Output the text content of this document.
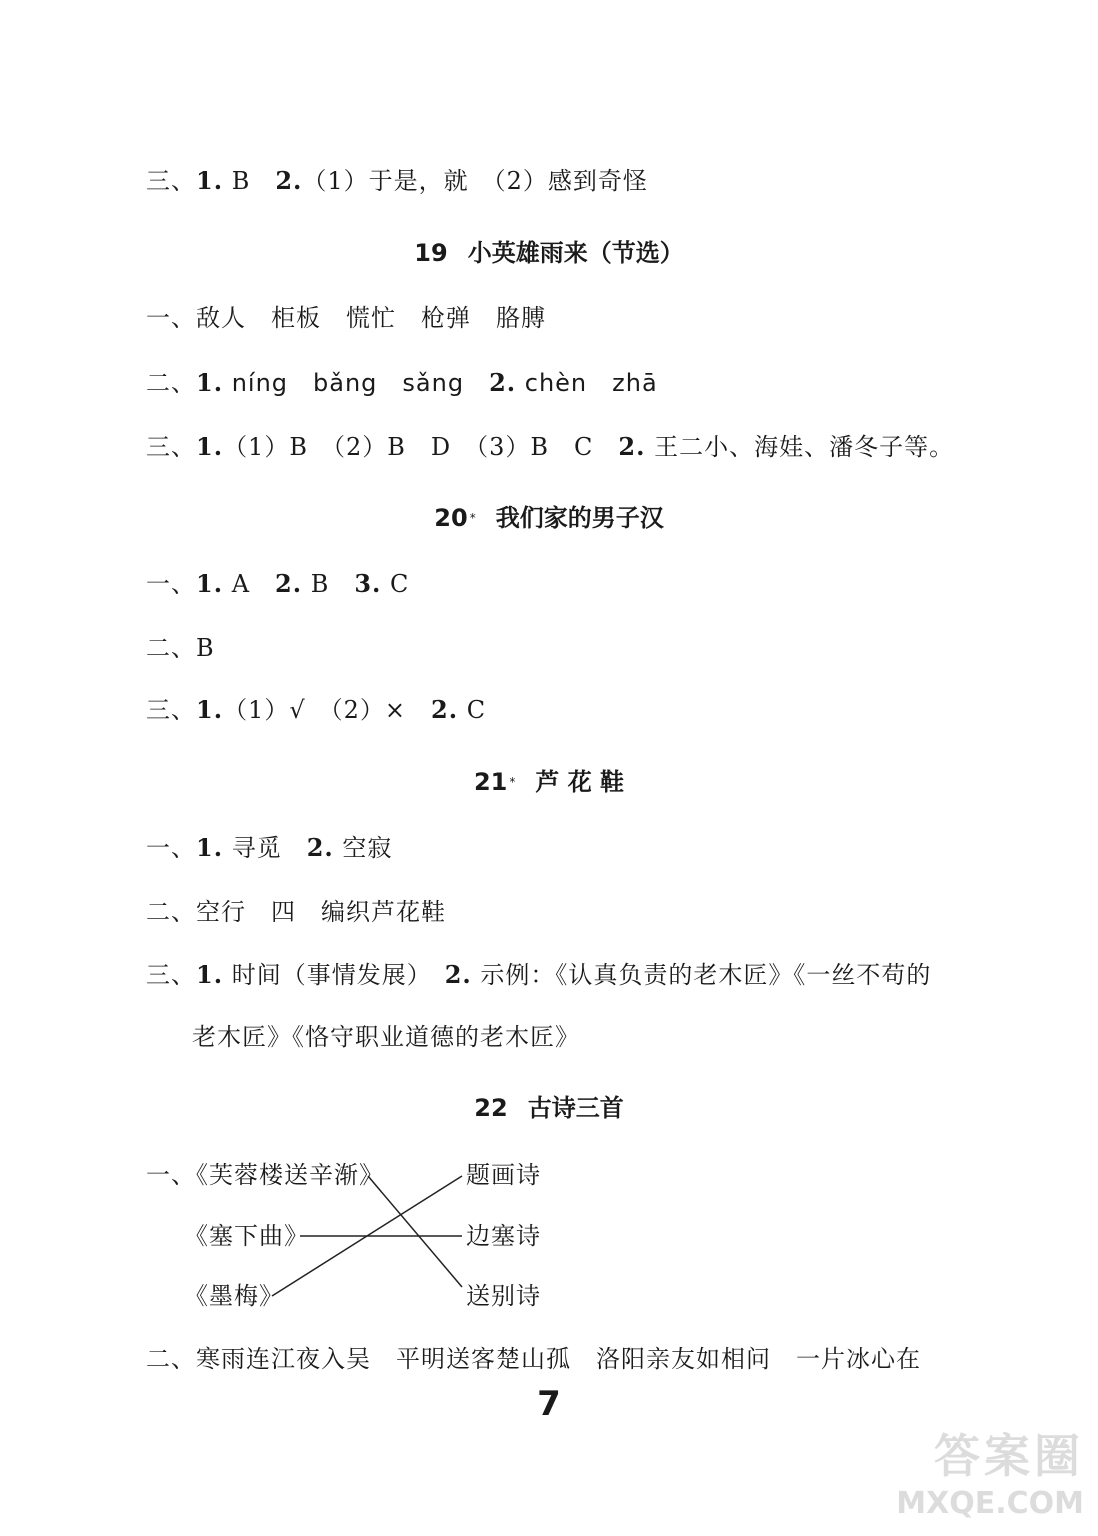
三、1. B　2.（1）于是，就　（2）感到奇怪
19 小英雄雨来（节选）
一、敌人　柜板　慌忙　枪弹　胳膊
二、1. níng　bǎng　sǎng　2. chèn　zhā
三、1.（1）B　（2）B　D　（3）B　C　2. 王二小、海娃、潘冬子等。
20 * 我们家的男子汉
一、1. A　2. B　3. C
二、B
三、1.（1）√　（2）×　2. C
21 * 芦 花 鞋
一、1. 寻觅　2. 空寂
二、空行　四　编织芦花鞋
三、1. 时间（事情发展）　2. 示例：《认真负责的老木匠》《一丝不苟的
老木匠》《恪守职业道德的老木匠》
22 古诗三首
一、
《芙蓉楼送辛渐》
《塞下曲》
《墨梅》
题画诗
边塞诗
送别诗
二、寒雨连江夜入吴　平明送客楚山孤　洛阳亲友如相问　一片冰心在
7
答案圈
MXQE.COM
